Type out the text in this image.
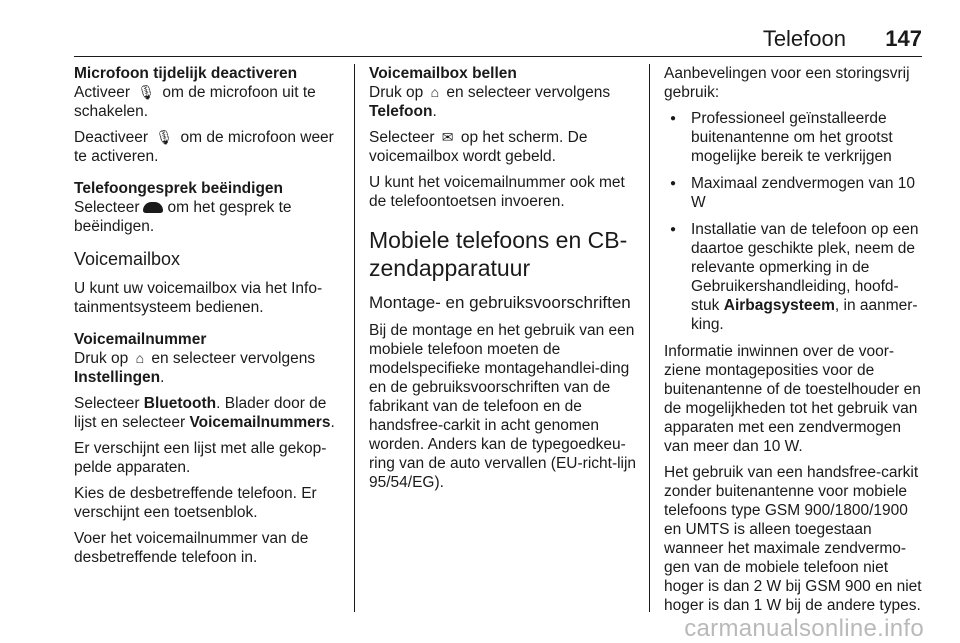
Telefoon 147

Microfoon tijdelijk deactiveren

Activeer 🎙 om de microfoon uit te schakelen.

Deactiveer 🎙 om de microfoon weer te activeren.

Telefoongesprek beëindigen

Selecteer om het gesprek te beëindigen.

Voicemailbox

U kunt uw voicemailbox via het Info-tainmentsysteem bedienen.

Voicemailnummer

Druk op ⌂ en selecteer vervolgens Instellingen.

Selecteer Bluetooth. Blader door de lijst en selecteer Voicemailnummers.

Er verschijnt een lijst met alle gekop-pelde apparaten.

Kies de desbetreffende telefoon. Er verschijnt een toetsenblok.

Voer het voicemailnummer van de desbetreffende telefoon in.

Voicemailbox bellen

Druk op ⌂ en selecteer vervolgens Telefoon.

Selecteer ✉ op het scherm. De voicemailbox wordt gebeld.

U kunt het voicemailnummer ook met de telefoontoetsen invoeren.

Mobiele telefoons en CB-zendapparatuur

Montage- en gebruiksvoorschriften

Bij de montage en het gebruik van een mobiele telefoon moeten de modelspecifieke montagehandlei-ding en de gebruiksvoorschriften van de fabrikant van de telefoon en de handsfree-carkit in acht genomen worden. Anders kan de typegoedkeu-ring van de auto vervallen (EU-richt-lijn 95/54/EG).

Aanbevelingen voor een storingsvrij gebruik:

● Professioneel geïnstalleerde buitenantenne om het grootst mogelijke bereik te verkrijgen
● Maximaal zendvermogen van 10 W
● Installatie van de telefoon op een daartoe geschikte plek, neem de relevante opmerking in de Gebruikershandleiding, hoofd-stuk Airbagsysteem, in aanmer-king.

Informatie inwinnen over de voor-ziene montageposities voor de buitenantenne of de toestelhouder en de mogelijkheden tot het gebruik van apparaten met een zendvermogen van meer dan 10 W.

Het gebruik van een handsfree-carkit zonder buitenantenne voor mobiele telefoons type GSM 900/1800/1900 en UMTS is alleen toegestaan wanneer het maximale zendvermo-gen van de mobiele telefoon niet hoger is dan 2 W bij GSM 900 en niet hoger is dan 1 W bij de andere types.

carmanualsonline.info
